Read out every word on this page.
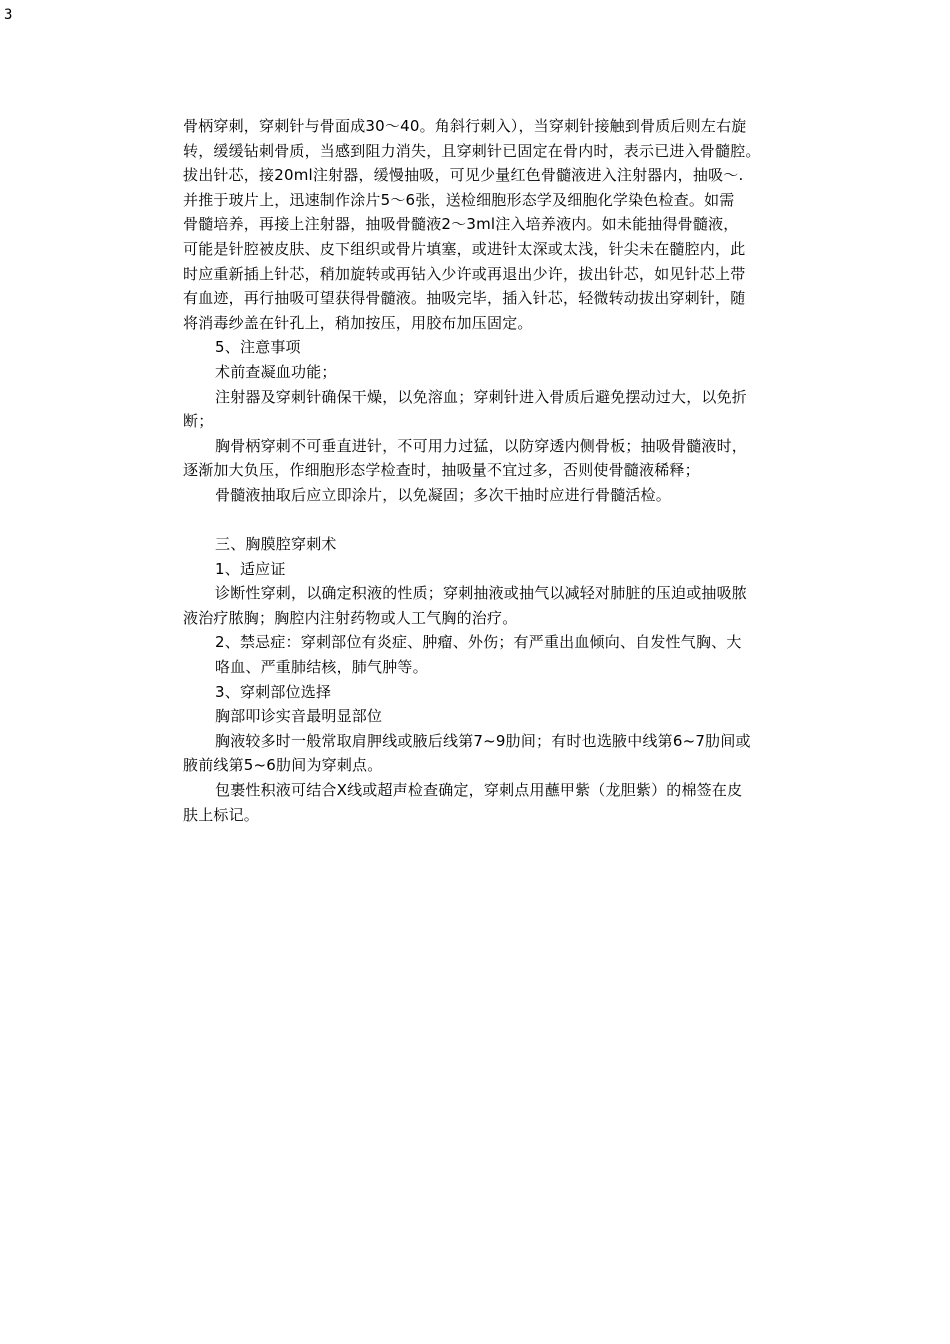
3
骨柄穿刺，穿刺针与骨面成30～40。角斜行刺入），当穿刺针接触到骨质后则左右旋
转，缓缓钻刺骨质，当感到阻力消失，且穿刺针已固定在骨内时，表示已进入骨髓腔。
拔出针芯，接20ml注射器，缓慢抽吸，可见少量红色骨髓液进入注射器内，抽吸～.
并推于玻片上，迅速制作涂片5～6张，送检细胞形态学及细胞化学染色检查。如需
骨髓培养，再接上注射器，抽吸骨髓液2～3ml注入培养液内。如未能抽得骨髓液，
可能是针腔被皮肤、皮下组织或骨片填塞，或进针太深或太浅，针尖未在髓腔内，此
时应重新插上针芯，稍加旋转或再钻入少许或再退出少许，拔出针芯，如见针芯上带
有血迹，再行抽吸可望获得骨髓液。抽吸完毕，插入针芯，轻微转动拔出穿刺针，随
将消毒纱盖在针孔上，稍加按压，用胶布加压固定。
5、注意事项
术前查凝血功能；
注射器及穿刺针确保干燥，以免溶血；穿刺针进入骨质后避免摆动过大，以免折
断；
胸骨柄穿刺不可垂直进针，不可用力过猛，以防穿透内侧骨板；抽吸骨髓液时，
逐渐加大负压，作细胞形态学检查时，抽吸量不宜过多，否则使骨髓液稀释；
骨髓液抽取后应立即涂片，以免凝固；多次干抽时应进行骨髓活检。
三、胸膜腔穿刺术
1、适应证
诊断性穿刺，以确定积液的性质；穿刺抽液或抽气以减轻对肺脏的压迫或抽吸脓
液治疗脓胸；胸腔内注射药物或人工气胸的治疗。
2、禁忌症：穿刺部位有炎症、肿瘤、外伤；有严重出血倾向、自发性气胸、大
咯血、严重肺结核，肺气肿等。
3、穿刺部位选择
胸部叩诊实音最明显部位
胸液较多时一般常取肩胛线或腋后线第7~9肋间；有时也选腋中线第6~7肋间或
腋前线第5~6肋间为穿刺点。
包裹性积液可结合X线或超声检查确定，穿刺点用蘸甲紫（龙胆紫）的棉签在皮
肤上标记。
